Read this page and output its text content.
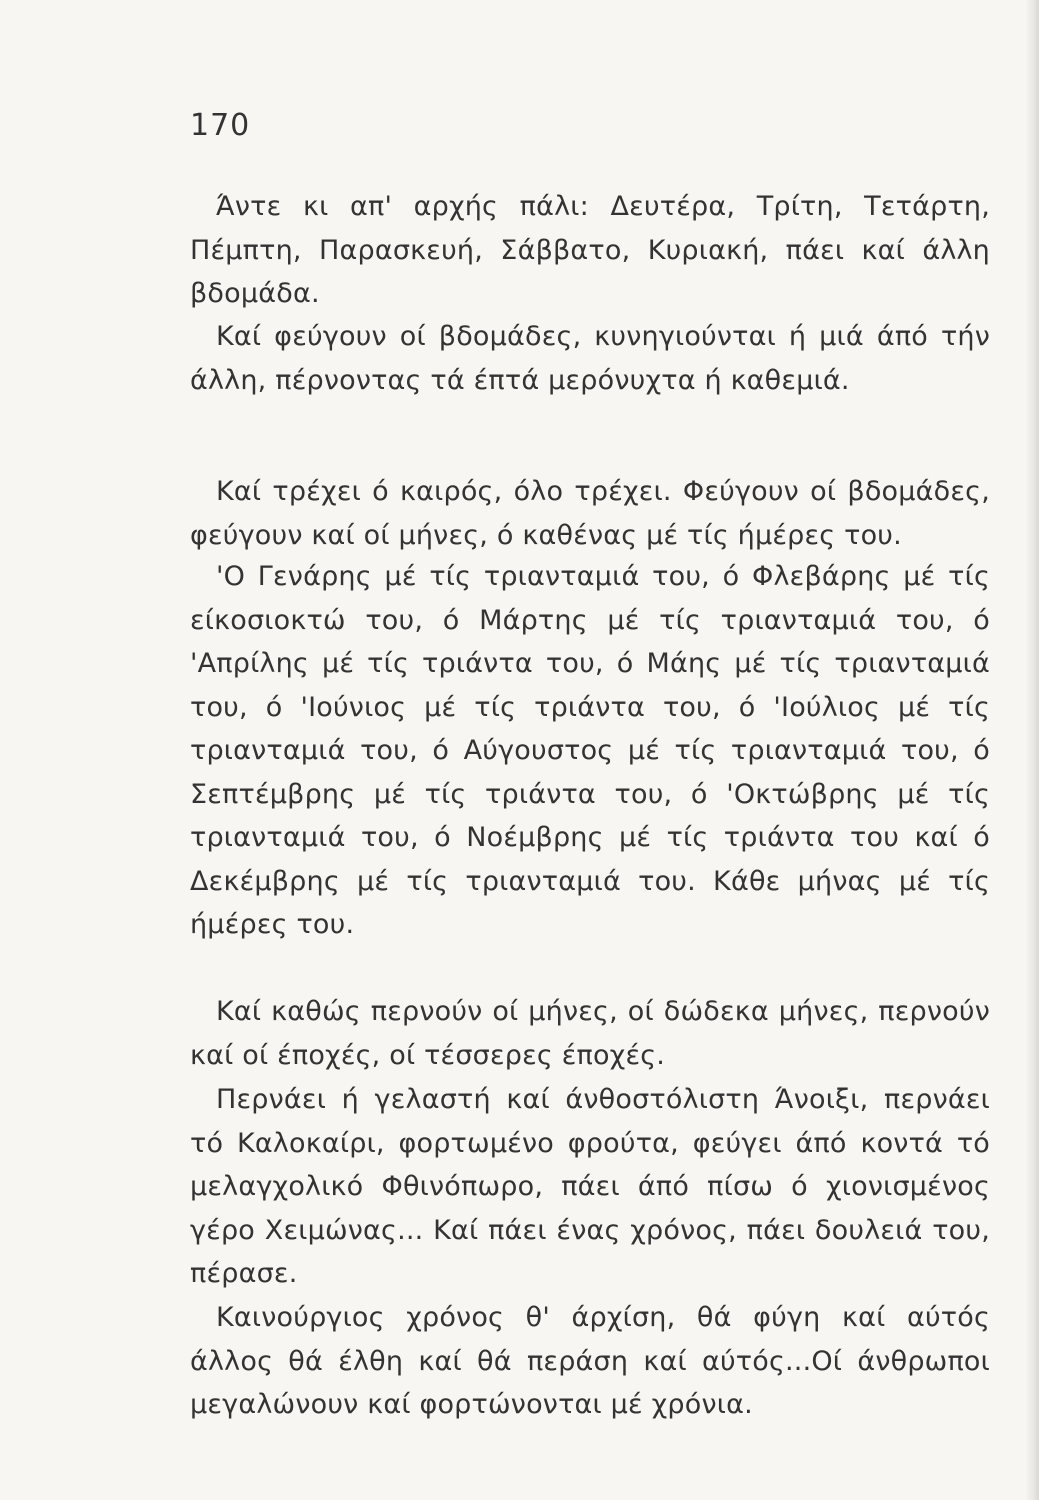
170

Άντε κι απ' αρχής πάλι: Δευτέρα, Τρίτη, Τετάρτη, Πέμπτη, Παρασκευή, Σάββατο, Κυριακή, πάει καί άλλη βδομάδα.

Καί φεύγουν οί βδομάδες, κυνηγιούνται ή μιά άπό τήν άλλη, πέρνοντας τά έπτά μερόνυχτα ή καθεμιά.

Καί τρέχει ό καιρός, όλο τρέχει. Φεύγουν οί βδομάδες, φεύγουν καί οί μήνες, ό καθένας μέ τίς ήμέρες του.

'Ο Γενάρης μέ τίς τριανταμιά του, ό Φλεβάρης μέ τίς είκοσιοκτώ του, ό Μάρτης μέ τίς τριανταμιά του, ό 'Απρίλης μέ τίς τριάντα του, ό Μάης μέ τίς τριανταμιά του, ό 'Ιούνιος μέ τίς τριάντα του, ό 'Ιούλιος μέ τίς τριανταμιά του, ό Αύγουστος μέ τίς τριανταμιά του, ό Σεπτέμβρης μέ τίς τριάντα του, ό 'Οκτώβρης μέ τίς τριανταμιά του, ό Νοέμβρης μέ τίς τριάντα του καί ό Δεκέμβρης μέ τίς τριανταμιά του. Κάθε μήνας μέ τίς ήμέρες του.

Καί καθώς περνούν οί μήνες, οί δώδεκα μήνες, περνούν καί οί έποχές, οί τέσσερες έποχές.

Περνάει ή γελαστή καί άνθοστόλιστη Άνοιξι, περνάει τό Καλοκαίρι, φορτωμένο φρούτα, φεύγει άπό κοντά τό μελαγχολικό Φθινόπωρο, πάει άπό πίσω ό χιονισμένος γέρο Χειμώνας... Καί πάει ένας χρόνος, πάει δουλειά του, πέρασε.

Καινούργιος χρόνος θ' άρχίση, θά φύγη καί αύτός άλλος θά έλθη καί θά περάση καί αύτός...Οί άνθρωποι μεγαλώνουν καί φορτώνονται μέ χρόνια.
